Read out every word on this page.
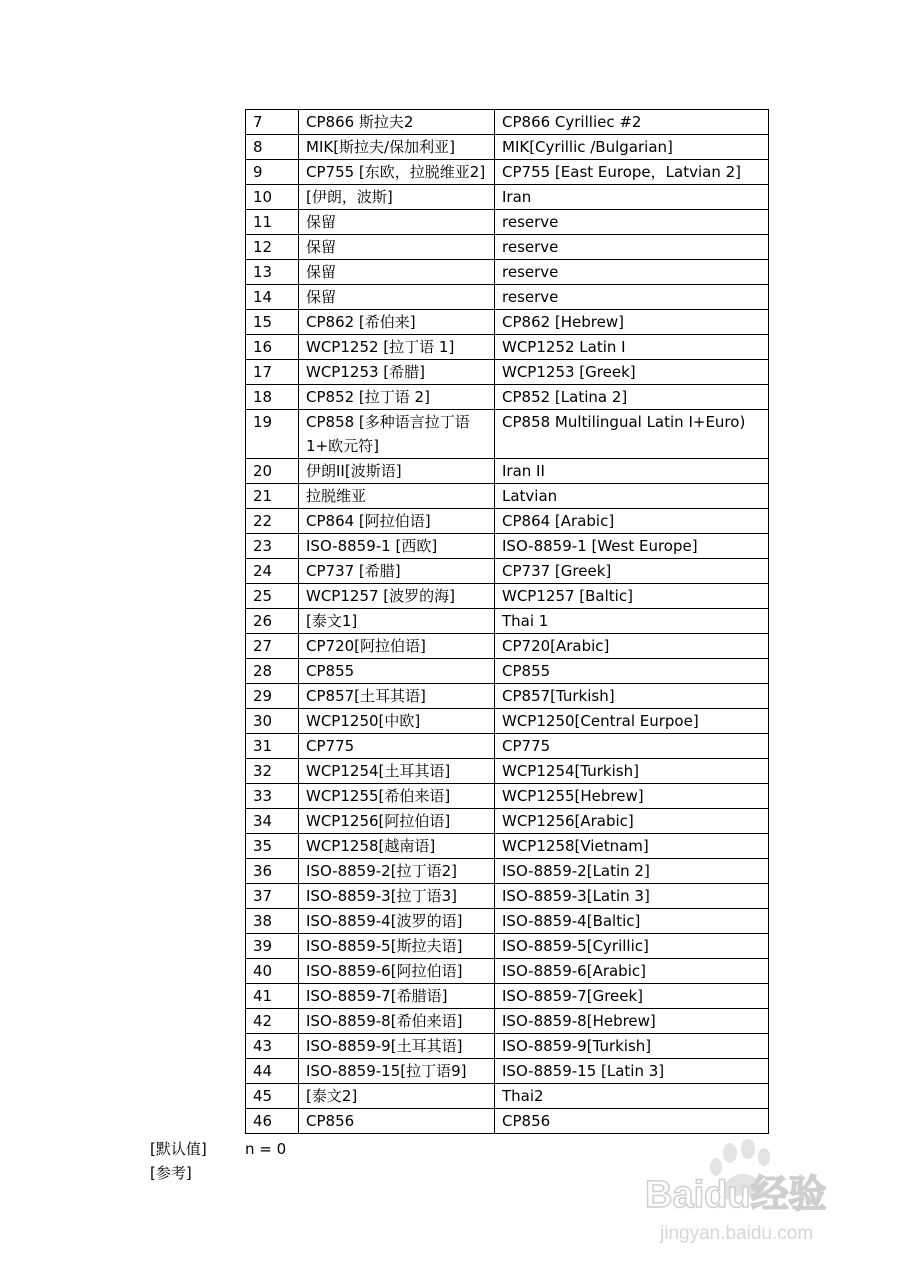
7	CP866 斯拉夫2	CP866 Cyrilliec #2
8	MIK[斯拉夫/保加利亚]	MIK[Cyrillic /Bulgarian]
9	CP755 [东欧，拉脱维亚2]	CP755 [East Europe，Latvian 2]
10	[伊朗，波斯]	Iran
11	保留	reserve
12	保留	reserve
13	保留	reserve
14	保留	reserve
15	CP862 [希伯来]	CP862 [Hebrew]
16	WCP1252 [拉丁语 1]	WCP1252 Latin I
17	WCP1253 [希腊]	WCP1253 [Greek]
18	CP852 [拉丁语 2]	CP852 [Latina 2]
19	CP858 [多种语言拉丁语1+欧元符]	CP858 Multilingual Latin Ⅰ+Euro)
20	伊朗II[波斯语]	Iran II
21	拉脱维亚	Latvian
22	CP864 [阿拉伯语]	CP864 [Arabic]
23	ISO-8859-1 [西欧]	ISO-8859-1 [West Europe]
24	CP737 [希腊]	CP737 [Greek]
25	WCP1257 [波罗的海]	WCP1257 [Baltic]
26	[泰文1]	Thai 1
27	CP720[阿拉伯语]	CP720[Arabic]
28	CP855	CP855
29	CP857[土耳其语]	CP857[Turkish]
30	WCP1250[中欧]	WCP1250[Central Eurpoe]
31	CP775	CP775
32	WCP1254[土耳其语]	WCP1254[Turkish]
33	WCP1255[希伯来语]	WCP1255[Hebrew]
34	WCP1256[阿拉伯语]	WCP1256[Arabic]
35	WCP1258[越南语]	WCP1258[Vietnam]
36	ISO-8859-2[拉丁语2]	ISO-8859-2[Latin 2]
37	ISO-8859-3[拉丁语3]	ISO-8859-3[Latin 3]
38	ISO-8859-4[波罗的语]	ISO-8859-4[Baltic]
39	ISO-8859-5[斯拉夫语]	ISO-8859-5[Cyrillic]
40	ISO-8859-6[阿拉伯语]	ISO-8859-6[Arabic]
41	ISO-8859-7[希腊语]	ISO-8859-7[Greek]
42	ISO-8859-8[希伯来语]	ISO-8859-8[Hebrew]
43	ISO-8859-9[土耳其语]	ISO-8859-9[Turkish]
44	ISO-8859-15[拉丁语9]	ISO-8859-15 [Latin 3]
45	[泰文2]	Thai2
46	CP856	CP856
[默认值]	n = 0
[参考]
Baidu经验
jingyan.baidu.com
